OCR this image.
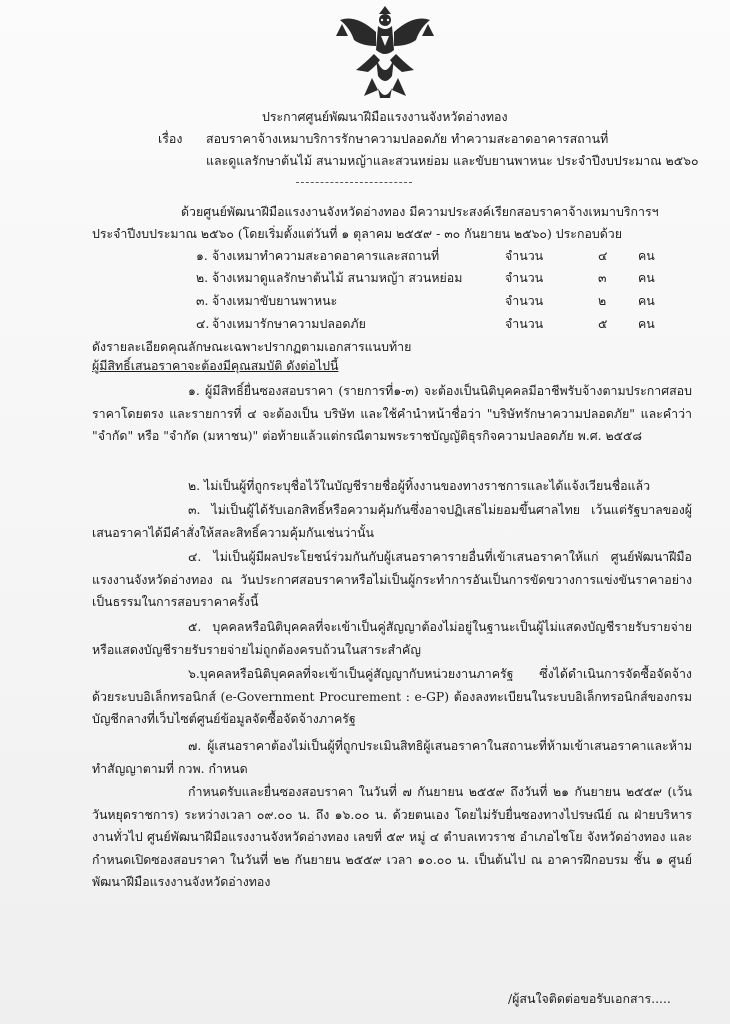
ประกาศศูนย์พัฒนาฝีมือแรงงานจังหวัดอ่างทอง
เรื่อง สอบราคาจ้างเหมาบริการรักษาความปลอดภัย ทำความสะอาดอาคารสถานที่
และดูแลรักษาต้นไม้ สนามหญ้าและสวนหย่อม และขับยานพาหนะ ประจำปีงบประมาณ ๒๕๖๐
ด้วยศูนย์พัฒนาฝีมือแรงงานจังหวัดอ่างทอง มีความประสงค์เรียกสอบราคาจ้างเหมาบริการฯ
ประจำปีงบประมาณ ๒๕๖๐ (โดยเริ่มตั้งแต่วันที่ ๑ ตุลาคม ๒๕๕๙ - ๓๐ กันยายน ๒๕๖๐) ประกอบด้วย
๑. จ้างเหมาทำความสะอาดอาคารและสถานที่	จำนวน	๔ คน
๒. จ้างเหมาดูแลรักษาต้นไม้ สนามหญ้า สวนหย่อม	จำนวน	๓	คน
๓. จ้างเหมาขับยานพาหนะ	จำนวน	๒	คน
๔. จ้างเหมารักษาความปลอดภัย	จำนวน	๕ คน
ดังรายละเอียดคุณลักษณะเฉพาะปรากฏตามเอกสารแนบท้าย
ผู้มีสิทธิ์เสนอราคาจะต้องมีคุณสมบัติ ดังต่อไปนี้
๑. ผู้มีสิทธิ์ยื่นซองสอบราคา (รายการที่๑-๓) จะต้องเป็นนิติบุคคลมีอาชีพรับจ้างตามประกาศสอบราคาโดยตรง และรายการที่ ๔ จะต้องเป็น บริษัท และใช้คำนำหน้าชื่อว่า "บริษัทรักษาความปลอดภัย" และคำว่า "จำกัด" หรือ "จำกัด (มหาชน)" ต่อท้ายแล้วแต่กรณีตามพระราชบัญญัติธุรกิจความปลอดภัย พ.ศ. ๒๕๕๘
๒. ไม่เป็นผู้ที่ถูกระบุชื่อไว้ในบัญชีรายชื่อผู้ทิ้งงานของทางราชการและได้แจ้งเวียนชื่อแล้ว
๓. ไม่เป็นผู้ได้รับเอกสิทธิ์หรือความคุ้มกันซึ่งอาจปฏิเสธไม่ยอมขึ้นศาลไทย เว้นแต่รัฐบาลของผู้เสนอราคาได้มีคำสั่งให้สละสิทธิ์ความคุ้มกันเช่นว่านั้น
๔. ไม่เป็นผู้มีผลประโยชน์ร่วมกันกับผู้เสนอราคารายอื่นที่เข้าเสนอราคาให้แก่ ศูนย์พัฒนาฝีมือแรงงานจังหวัดอ่างทอง ณ วันประกาศสอบราคาหรือไม่เป็นผู้กระทำการอันเป็นการขัดขวางการแข่งขันราคาอย่างเป็นธรรมในการสอบราคาครั้งนี้
๕. บุคคลหรือนิติบุคคลที่จะเข้าเป็นคู่สัญญาต้องไม่อยู่ในฐานะเป็นผู้ไม่แสดงบัญชีรายรับรายจ่าย หรือแสดงบัญชีรายรับรายจ่ายไม่ถูกต้องครบถ้วนในสาระสำคัญ
๖.บุคคลหรือนิติบุคคลที่จะเข้าเป็นคู่สัญญากับหน่วยงานภาครัฐ ซึ่งได้ดำเนินการจัดซื้อจัดจ้างด้วยระบบอิเล็กทรอนิกส์ (e-Government Procurement : e-GP) ต้องลงทะเบียนในระบบอิเล็กทรอนิกส์ของกรมบัญชีกลางที่เว็บไซต์ศูนย์ข้อมูลจัดซื้อจัดจ้างภาครัฐ
๗. ผู้เสนอราคาต้องไม่เป็นผู้ที่ถูกประเมินสิทธิผู้เสนอราคาในสถานะที่ห้ามเข้าเสนอราคาและห้ามทำสัญญาตามที่ กวพ. กำหนด
กำหนดรับและยื่นซองสอบราคา ในวันที่ ๗ กันยายน ๒๕๕๙ ถึงวันที่ ๒๑ กันยายน ๒๕๕๙ (เว้นวันหยุดราชการ) ระหว่างเวลา ๐๙.๐๐ น. ถึง ๑๖.๐๐ น. ด้วยตนเอง โดยไม่รับยื่นซองทางไปรษณีย์ ณ ฝ่ายบริหารงานทั่วไป ศูนย์พัฒนาฝีมือแรงงานจังหวัดอ่างทอง เลขที่ ๕๙ หมู่ ๔ ตำบลเทวราช อำเภอไชโย จังหวัดอ่างทอง และ กำหนดเปิดซองสอบราคา ในวันที่ ๒๒ กันยายน ๒๕๕๙ เวลา ๑๐.๐๐ น. เป็นต้นไป ณ อาคารฝึกอบรม ชั้น ๑ ศูนย์พัฒนาฝีมือแรงงานจังหวัดอ่างทอง
/ผู้สนใจติดต่อขอรับเอกสาร.....
